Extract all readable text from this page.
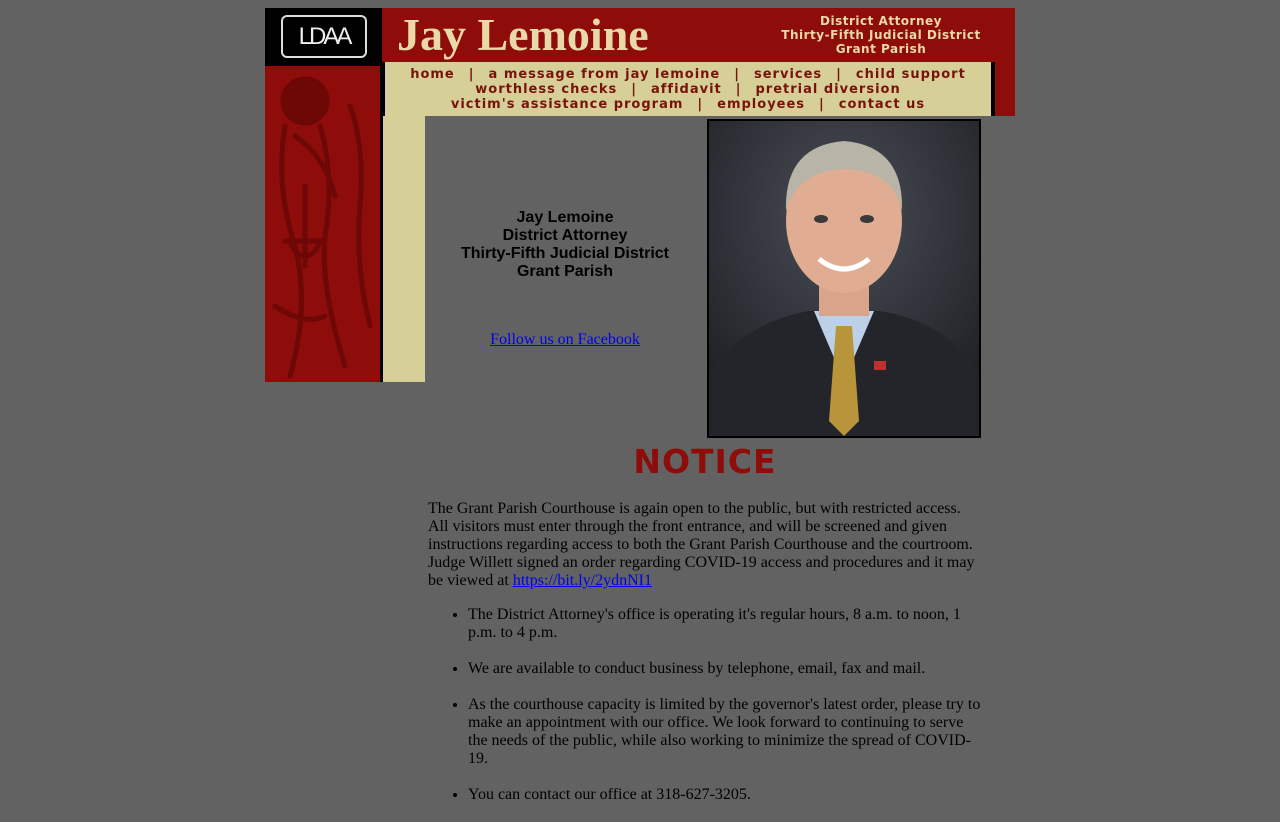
LDAA	Jay Lemoine	District Attorney
Thirty-Fifth Judicial District
Grant Parish
home | a message from jay lemoine | services | child support
worthless checks | affidavit | pretrial diversion
victim's assistance program | employees | contact us
Jay Lemoine
District Attorney
Thirty-Fifth Judicial District
Grant Parish
Follow us on Facebook
NOTICE
The Grant Parish Courthouse is again open to the public, but with restricted access. All visitors must enter through the front entrance, and will be screened and given instructions regarding access to both the Grant Parish Courthouse and the courtroom. Judge Willett signed an order regarding COVID-19 access and procedures and it may be viewed at https://bit.ly/2ydnNI1
• The District Attorney's office is operating it's regular hours, 8 a.m. to noon, 1 p.m. to 4 p.m.
• We are available to conduct business by telephone, email, fax and mail.
• As the courthouse capacity is limited by the governor's latest order, please try to make an appointment with our office. We look forward to continuing to serve the needs of the public, while also working to minimize the spread of COVID-19.
• You can contact our office at 318-627-3205.
